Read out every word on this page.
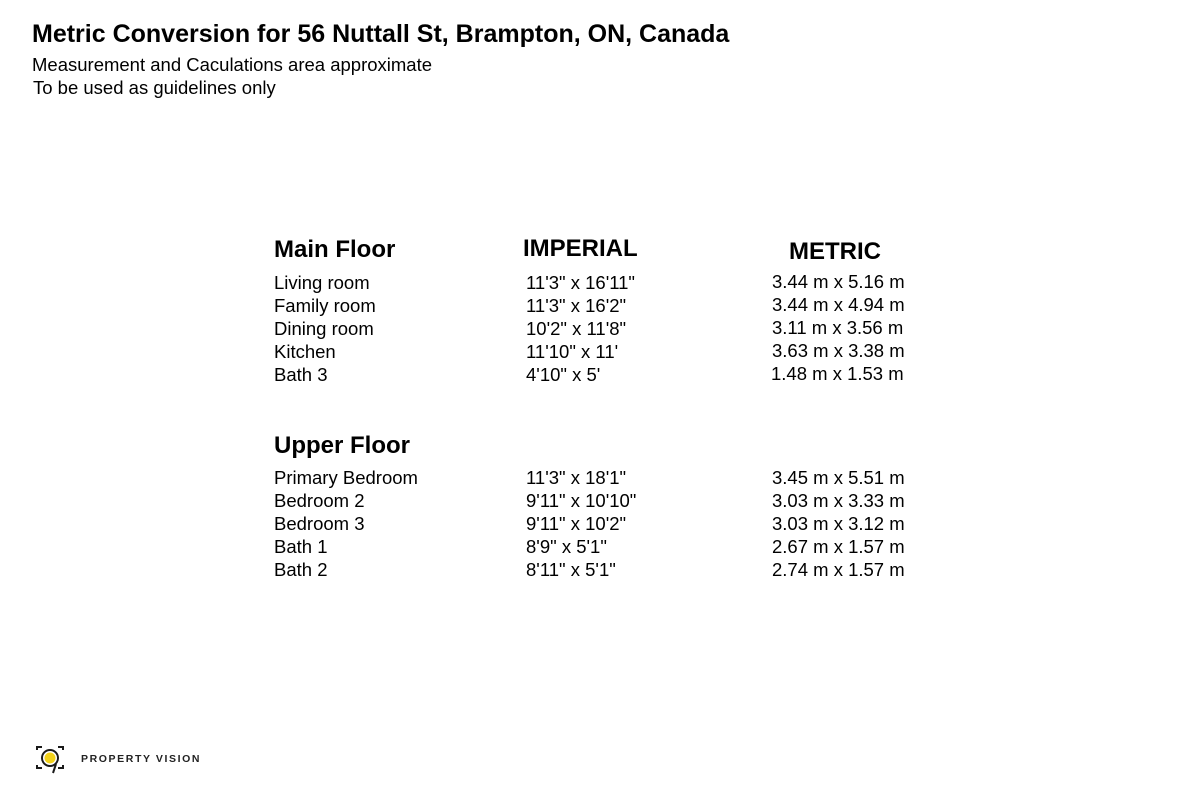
Metric Conversion for 56 Nuttall St, Brampton, ON, Canada
Measurement and Caculations area approximate
To be used as guidelines only
Main Floor	IMPERIAL	METRIC
Living room	11'3" x 16'11"	3.44 m x 5.16 m
Family room	11'3" x 16'2"	3.44 m x 4.94 m
Dining room	10'2" x 11'8"	3.11 m x 3.56 m
Kitchen	11'10" x 11'	3.63 m x 3.38 m
Bath 3	4'10" x 5'	1.48 m x 1.53 m
Upper Floor
Primary Bedroom	11'3" x 18'1"	3.45 m x 5.51 m
Bedroom 2	9'11" x 10'10"	3.03 m x 3.33 m
Bedroom 3	9'11" x 10'2"	3.03 m x 3.12 m
Bath 1	8'9" x 5'1"	2.67 m x 1.57 m
Bath 2	8'11" x 5'1"	2.74 m x 1.57 m
PROPERTY VISION
